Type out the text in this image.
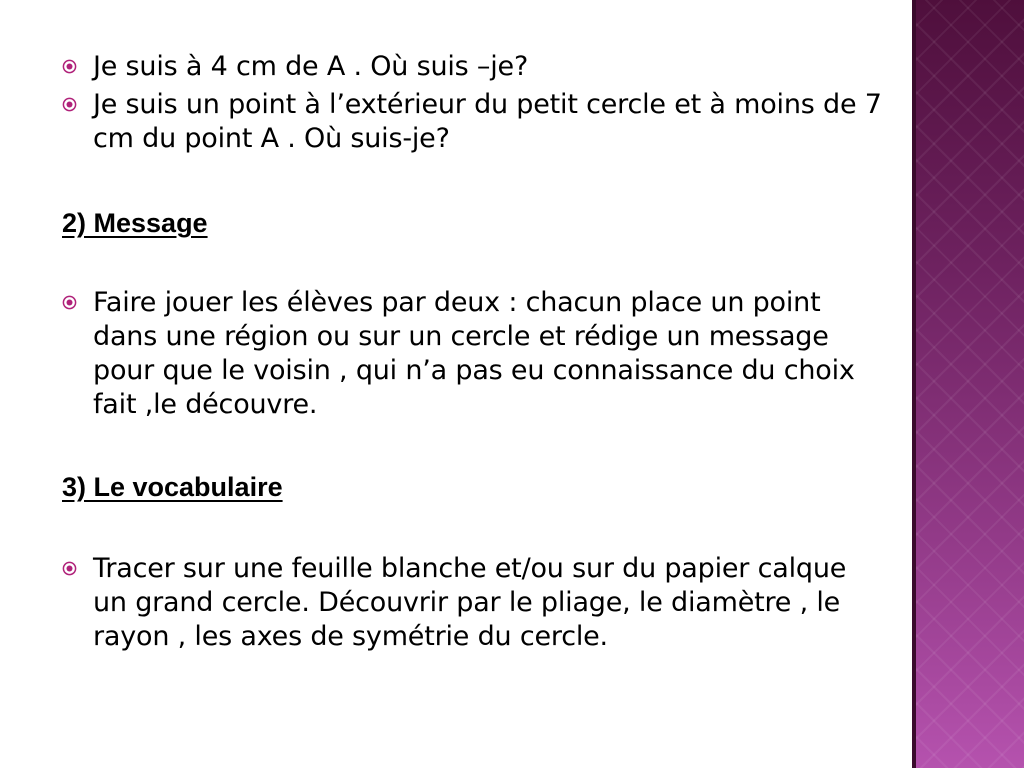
Je suis à 4 cm de A . Où suis –je?
Je suis un point à l’extérieur du petit cercle et à moins de 7 cm du point A . Où suis-je?
2) Message
Faire jouer les élèves par deux : chacun place un point dans une région ou sur un cercle et rédige un message pour que le voisin , qui n’a pas eu connaissance du choix fait ,le découvre.
3) Le vocabulaire
Tracer sur une feuille blanche et/ou sur du papier calque un grand cercle. Découvrir par le pliage, le diamètre , le rayon , les axes de symétrie du cercle.
